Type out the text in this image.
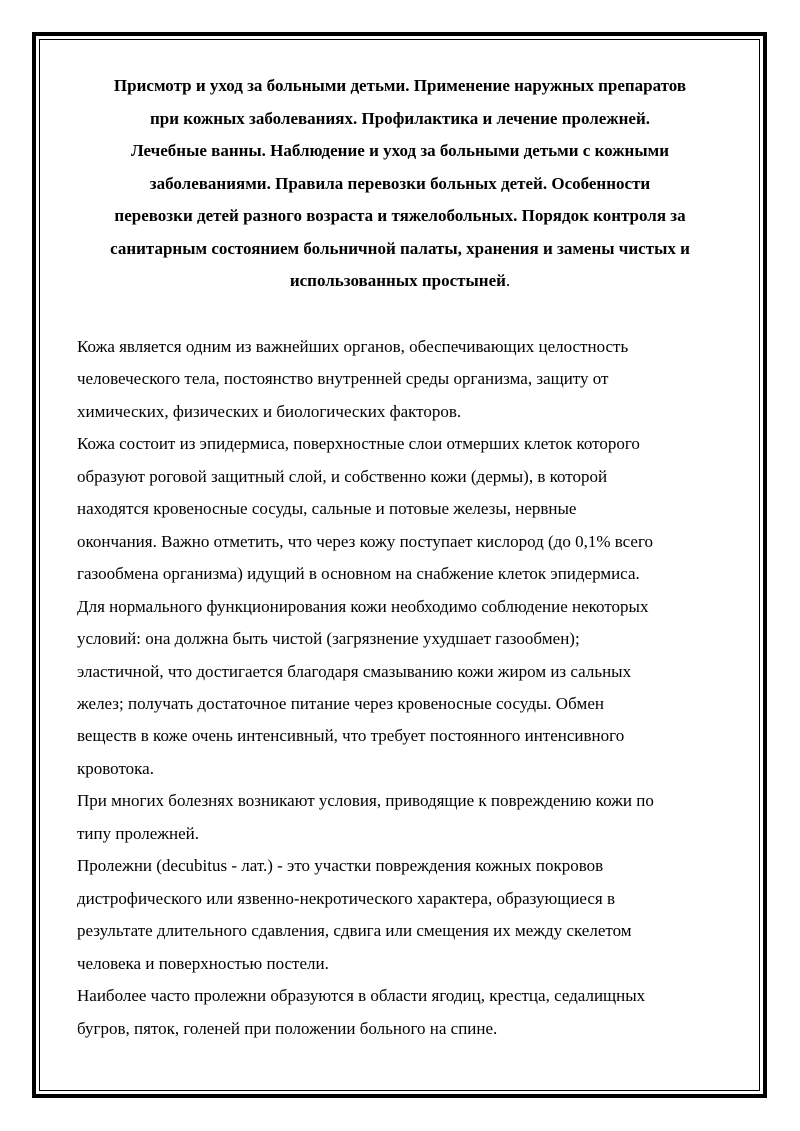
Присмотр и уход за больными детьми. Применение наружных препаратов
при кожных заболеваниях. Профилактика и лечение пролежней.
Лечебные ванны. Наблюдение и уход за больными детьми с кожными
заболеваниями. Правила перевозки больных детей. Особенности
перевозки детей разного возраста и тяжелобольных. Порядок контроля за
санитарным состоянием больничной палаты, хранения и замены чистых и
использованных простыней.
Кожа является одним из важнейших органов, обеспечивающих целостность
человеческого тела, постоянство внутренней среды организма, защиту от
химических, физических и биологических факторов.
Кожа состоит из эпидермиса, поверхностные слои отмерших клеток которого
образуют роговой защитный слой, и собственно кожи (дермы), в которой
находятся кровеносные сосуды, сальные и потовые железы, нервные
окончания. Важно отметить, что через кожу поступает кислород (до 0,1% всего
газообмена организма) идущий в основном на снабжение клеток эпидермиса.
Для нормального функционирования кожи необходимо соблюдение некоторых
условий: она должна быть чистой (загрязнение ухудшает газообмен);
эластичной, что достигается благодаря смазыванию кожи жиром из сальных
желез; получать достаточное питание через кровеносные сосуды. Обмен
веществ в коже очень интенсивный, что требует постоянного интенсивного
кровотока.
При многих болезнях возникают условия, приводящие к повреждению кожи по
типу пролежней.
Пролежни (decubitus - лат.) - это участки повреждения кожных покровов
дистрофического или язвенно-некротического характера, образующиеся в
результате длительного сдавления, сдвига или смещения их между скелетом
человека и поверхностью постели.
Наиболее часто пролежни образуются в области ягодиц, крестца, седалищных
бугров, пяток, голеней при положении больного на спине.
